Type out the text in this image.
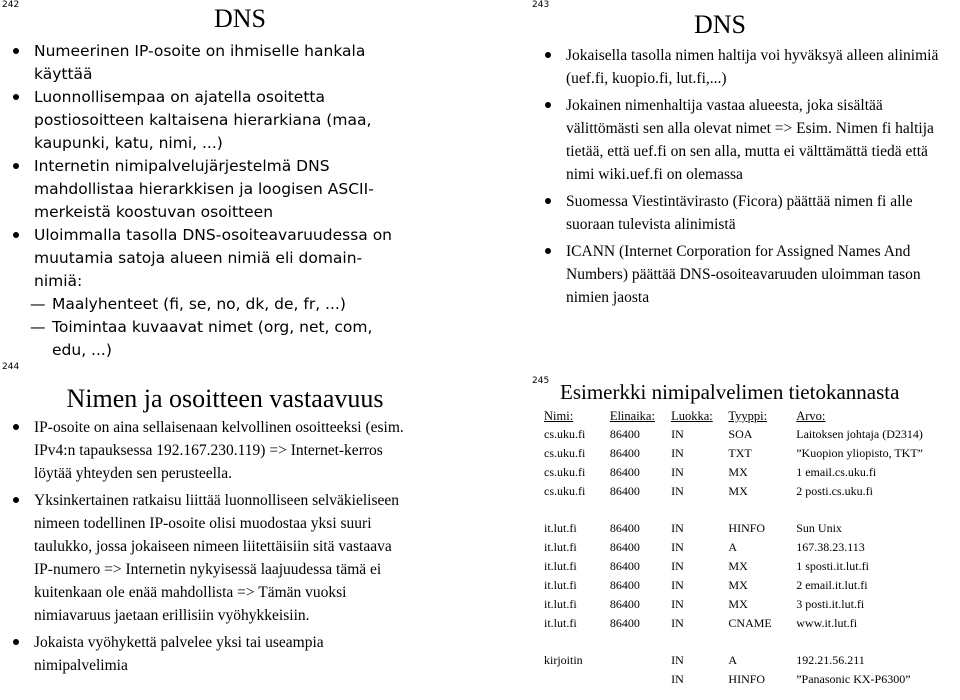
242	DNS
Numeerinen IP-osoite on ihmiselle hankala käyttää
Luonnollisempaa on ajatella osoitetta postiosoitteen kaltaisena hierarkiana (maa, kaupunki, katu, nimi, ...)
Internetin nimipalvelujärjestelmä DNS mahdollistaa hierarkkisen ja loogisen ASCII-merkeistä koostuvan osoitteen
Uloimmalla tasolla DNS-osoiteavaruudessa on muutamia satoja alueen nimiä eli domain-nimiä:
— Maalyhenteet (fi, se, no, dk, de, fr, ...)
— Toimintaa kuvaavat nimet (org, net, com, edu, ...)
243
DNS
Jokaisella tasolla nimen haltija voi hyväksyä alleen alinimiä (uef.fi, kuopio.fi, lut.fi,...)
Jokainen nimenhaltija vastaa alueesta, joka sisältää välittömästi sen alla olevat nimet => Esim. Nimen fi haltija tietää, että uef.fi on sen alla, mutta ei välttämättä tiedä että nimi wiki.uef.fi on olemassa
Suomessa Viestintävirasto (Ficora) päättää nimen fi alle suoraan tulevista alinimistä
ICANN (Internet Corporation for Assigned Names And Numbers) päättää DNS-osoiteavaruuden uloimman tason nimien jaosta
244
Nimen ja osoitteen vastaavuus
IP-osoite on aina sellaisenaan kelvollinen osoitteeksi (esim. IPv4:n tapauksessa 192.167.230.119) => Internet-kerros löytää yhteyden sen perusteella.
Yksinkertainen ratkaisu liittää luonnolliseen selväkieliseen nimeen todellinen IP-osoite olisi muodostaa yksi suuri taulukko, jossa jokaiseen nimeen liitettäisiin sitä vastaava IP-numero => Internetin nykyisessä laajuudessa tämä ei kuitenkaan ole enää mahdollista => Tämän vuoksi nimiavaruus jaetaan erillisiin vyöhykkeisiin.
Jokaista vyöhykettä palvelee yksi tai useampia nimipalvelimia
245 Esimerkki nimipalvelimen tietokannasta
Nimi:	Elinaika:	Luokka:	Tyyppi:	Arvo:
cs.uku.fi	86400	IN	SOA	Laitoksen johtaja (D2314)
cs.uku.fi	86400	IN	TXT	”Kuopion yliopisto, TKT”
cs.uku.fi	86400	IN	MX	1 email.cs.uku.fi
cs.uku.fi	86400	IN	MX	2 posti.cs.uku.fi

it.lut.fi	86400	IN	HINFO	Sun Unix
it.lut.fi	86400	IN	A	167.38.23.113
it.lut.fi	86400	IN	MX	1 sposti.it.lut.fi
it.lut.fi	86400	IN	MX	2 email.it.lut.fi
it.lut.fi	86400	IN	MX	3 posti.it.lut.fi
it.lut.fi	86400	IN	CNAME	www.it.lut.fi

kirjoitin		IN	A	192.21.56.211
		IN	HINFO	”Panasonic KX-P6300”
